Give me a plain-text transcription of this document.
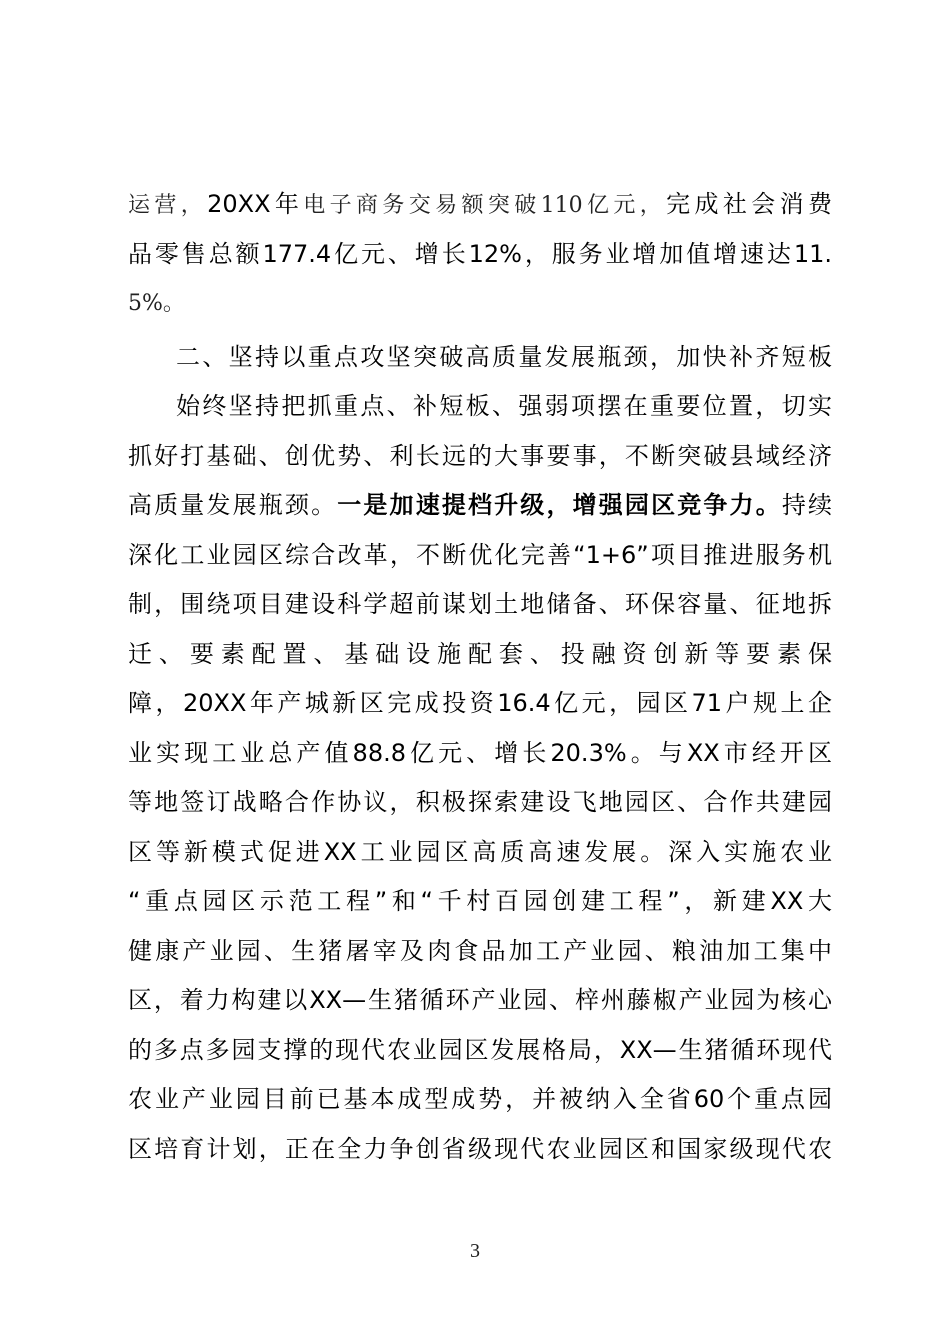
运营，20XX年电子商务交易额突破110亿元，完成社会消费
品零售总额177.4亿元、增长12%，服务业增加值增速达11.
5%。
二、坚持以重点攻坚突破高质量发展瓶颈，加快补齐短板
始终坚持把抓重点、补短板、强弱项摆在重要位置，切实
抓好打基础、创优势、利长远的大事要事，不断突破县域经济
高质量发展瓶颈。一是加速提档升级，增强园区竞争力。持续
深化工业园区综合改革，不断优化完善“1+6”项目推进服务机
制，围绕项目建设科学超前谋划土地储备、环保容量、征地拆
迁、要素配置、基础设施配套、投融资创新等要素保
障，20XX年产城新区完成投资16.4亿元，园区71户规上企
业实现工业总产值88.8亿元、增长20.3%。与XX市经开区
等地签订战略合作协议，积极探索建设飞地园区、合作共建园
区等新模式促进XX工业园区高质高速发展。深入实施农业
“重点园区示范工程”和“千村百园创建工程”，新建XX大
健康产业园、生猪屠宰及肉食品加工产业园、粮油加工集中
区，着力构建以XX—生猪循环产业园、梓州藤椒产业园为核心
的多点多园支撑的现代农业园区发展格局，XX—生猪循环现代
农业产业园目前已基本成型成势，并被纳入全省60个重点园
区培育计划，正在全力争创省级现代农业园区和国家级现代农
3
